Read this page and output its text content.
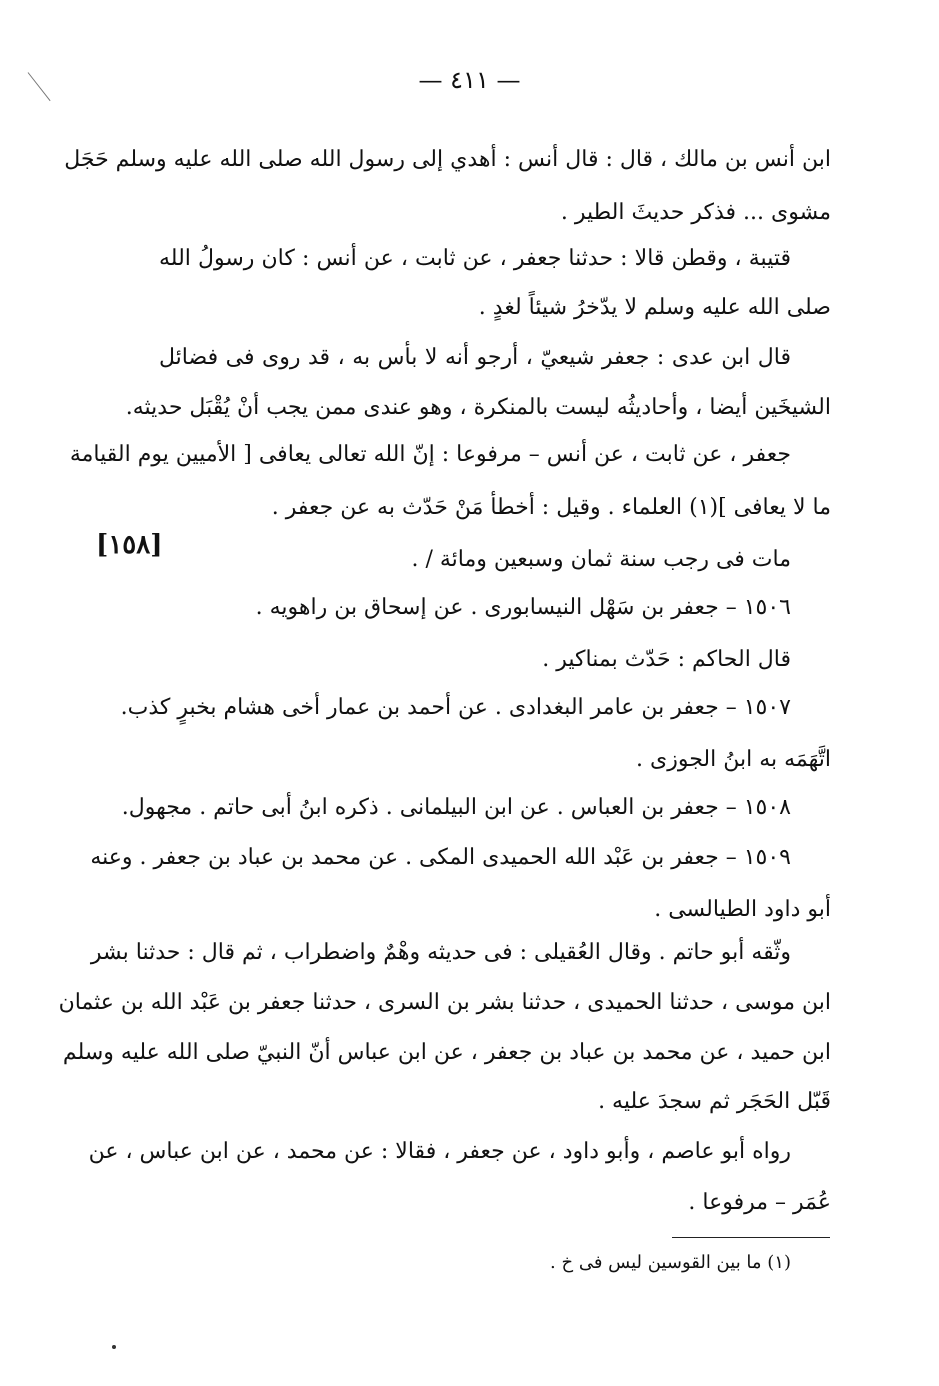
— ٤١١ —
[١٥٨]
ابن أنس بن مالك ، قال : قال أنس : أهدي إلى رسول الله صلى الله عليه وسلم حَجَل
مشوى ... فذكر حديثَ الطير .
قتيبة ، وقطن قالا : حدثنا جعفر ، عن ثابت ، عن أنس : كان رسولُ الله
صلى الله عليه وسلم لا يدّخرُ شيئاً لغدٍ .
قال ابن عدى : جعفر شيعيّ ، أرجو أنه لا بأس به ، قد روى فى فضائل
الشيخَين أيضا ، وأحاديثُه ليست بالمنكرة ، وهو عندى ممن يجب أنْ يُقْبَل حديثه.
جعفر ، عن ثابت ، عن أنس – مرفوعا : إنّ الله تعالى يعافى [ الأميين يوم القيامة
ما لا يعافى ](١) العلماء . وقيل : أخطأ مَنْ حَدّث به عن جعفر .
مات فى رجب سنة ثمان وسبعين ومائة / .
١٥٠٦ – جعفر بن سَهْل النيسابورى . عن إسحاق بن راهويه .
قال الحاكم : حَدّث بمناكير .
١٥٠٧ – جعفر بن عامر البغدادى . عن أحمد بن عمار أخى هشام بخبرٍ كذب.
اتَّهَمَه به ابنُ الجوزى .
١٥٠٨ – جعفر بن العباس . عن ابن البيلمانى . ذكره ابنُ أبى حاتم . مجهول.
١٥٠٩ – جعفر بن عَبْد الله الحميدى المكى . عن محمد بن عباد بن جعفر . وعنه
أبو داود الطيالسى .
وثّقه أبو حاتم . وقال العُقيلى : فى حديثه وهْمٌ واضطراب ، ثم قال : حدثنا بشر
ابن موسى ، حدثنا الحميدى ، حدثنا بشر بن السرى ، حدثنا جعفر بن عَبْد الله بن عثمان
ابن حميد ، عن محمد بن عباد بن جعفر ، عن ابن عباس أنّ النبيّ صلى الله عليه وسلم
قَبّل الحَجَر ثم سجدَ عليه .
رواه أبو عاصم ، وأبو داود ، عن جعفر ، فقالا : عن محمد ، عن ابن عباس ، عن
عُمَر – مرفوعا .
(١) ما بين القوسين ليس فى خ .
